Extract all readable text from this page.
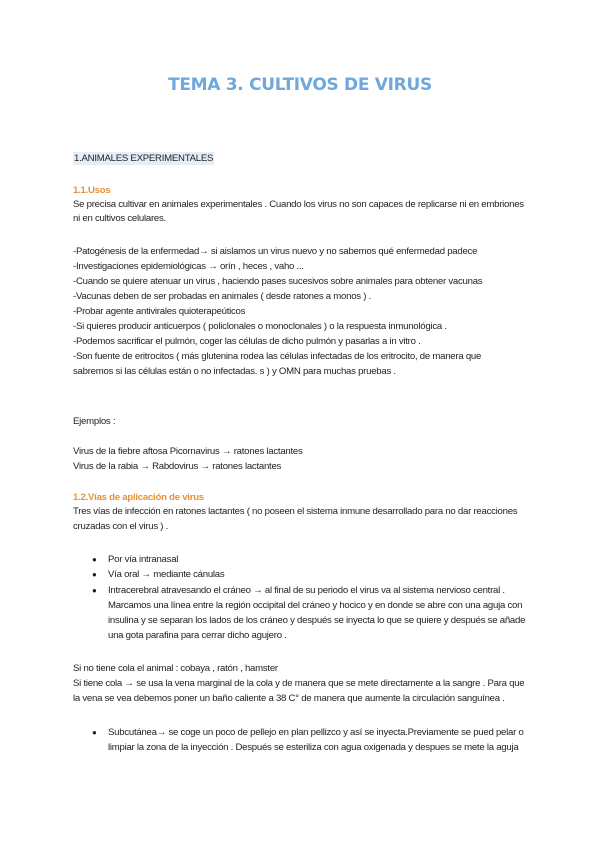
TEMA 3. CULTIVOS DE VIRUS
1.ANIMALES EXPERIMENTALES
1.1.Usos
Se precisa cultivar en animales experimentales . Cuando los virus no son capaces de replicarse ni en embriones
ni en cultivos celulares.
-Patogénesis de la enfermedad→ si aislamos un virus nuevo y no sabemos qué enfermedad padece
-Investigaciones epidemiológicas → orín , heces , vaho ...
-Cuando se quiere atenuar un virus , haciendo pases sucesivos sobre animales para obtener vacunas
-Vacunas deben de ser probadas en animales ( desde ratones a monos ) .
-Probar agente antivirales quioterapeúticos
-Si quieres producir anticuerpos ( policlonales o monoclonales ) o la respuesta inmunológica .
-Podemos sacrificar el pulmón, coger las células de dicho pulmón y pasarlas a in vitro .
-Son fuente de eritrocitos ( más glutenina rodea las células infectadas de los eritrocito, de manera que
sabremos si las células están o no infectadas. s ) y OMN para muchas pruebas .
Ejemplos :
Virus de la fiebre aftosa Picornavirus → ratones lactantes
Virus de la rabia → Rabdovirus → ratones lactantes
1.2.Vías de aplicación de virus
Tres vías de infección en ratones lactantes ( no poseen el sistema inmune desarrollado para no dar reacciones
cruzadas con el virus ) .
● Por vía intranasal
● Vía oral → mediante cánulas
● Intracerebral atravesando el cráneo → al final de su periodo el virus va al sistema nervioso central .
Marcamos una línea entre la región occipital del cráneo y hocico y en donde se abre con una aguja con
insulina y se separan los lados de los cráneo y después se inyecta lo que se quiere y después se añade
una gota parafina para cerrar dicho agujero .
Si no tiene cola el animal : cobaya , ratón , hamster
Si tiene cola → se usa la vena marginal de la cola y de manera que se mete directamente a la sangre . Para que
la vena se vea debemos poner un baño caliente a 38 C° de manera que aumente la circulación sanguínea .
● Subcutánea→ se coge un poco de pellejo en plan pellizco y así se inyecta.Previamente se pued pelar o
limpiar la zona de la inyección . Después se esteriliza con agua oxigenada y despues se mete la aguja
